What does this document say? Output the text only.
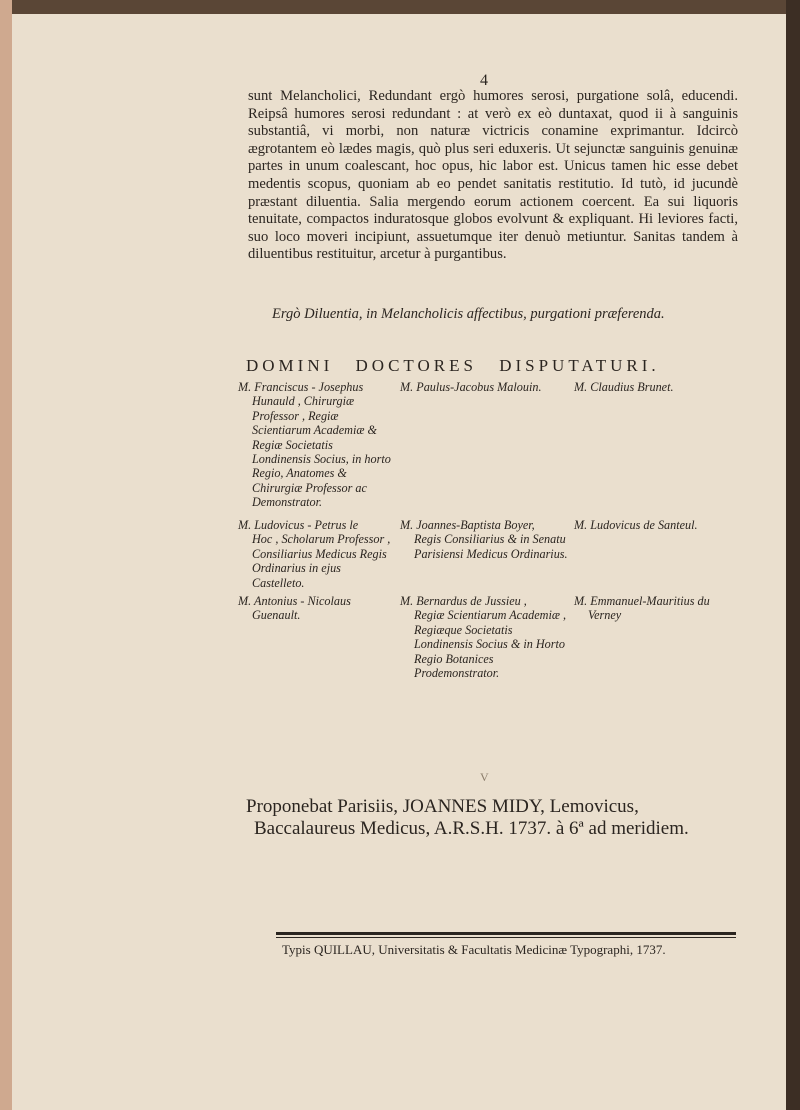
4
sunt Melancholici, Redundant ergò humores serosi, purgatione solâ, educendi. Reipsâ humores serosi redundant : at verò ex eò duntaxat, quod ii à sanguinis substantiâ, vi morbi, non naturæ victricis conamine exprimantur. Idcircò ægrotantem eò lædes magis, quò plus seri eduxeris. Ut sejunctæ sanguinis genuinæ partes in unum coalescant, hoc opus, hic labor est. Unicus tamen hic esse debet medentis scopus, quoniam ab eo pendet sanitatis restitutio. Id tutò, id jucundè præstant diluentia. Salia mergendo eorum actionem coercent. Ea sui liquoris tenuitate, compactos induratosque globos evolvunt & expliquant. Hi leviores facti, suo loco moveri incipiunt, assuetumque iter denuò metiuntur. Sanitas tandem à diluentibus restituitur, arcetur à purgantibus.
Ergò Diluentia, in Melancholicis affectibus, purgationi præferenda.
DOMINI DOCTORES DISPUTATURI.
M. Franciscus - Josephus
Hunauld , Chirurgiæ Professor , Regiæ Scientiarum Academiæ & Regiæ Societatis Londinensis Socius, in horto Regio, Anatomes & Chirurgiæ Professor ac Demonstrator.
M. Ludovicus - Petrus le
Hoc , Scholarum Professor , Consiliarius Medicus Regis Ordinarius in ejus Castelleto.
M. Antonius - Nicolaus
Guenault.
M. Paulus-Jacobus Malouin.
M. Joannes-Baptista Boyer,
Regis Consiliarius & in Senatu Parisiensi Medicus Ordinarius.
M. Bernardus de Jussieu ,
Regiæ Scientiarum Academiæ , Regiæque Societatis Londinensis Socius & in Horto Regio Botanices Prodemonstrator.
M. Claudius Brunet.
M. Ludovicus de Santeul.
M. Emmanuel-Mauritius du
Verney
V
Proponebat Parisiis, JOANNES MIDY, Lemovicus,
Baccalaureus Medicus, A.R.S.H. 1737. à 6ª ad meridiem.
Typis QUILLAU, Universitatis & Facultatis Medicinæ Typographi, 1737.
